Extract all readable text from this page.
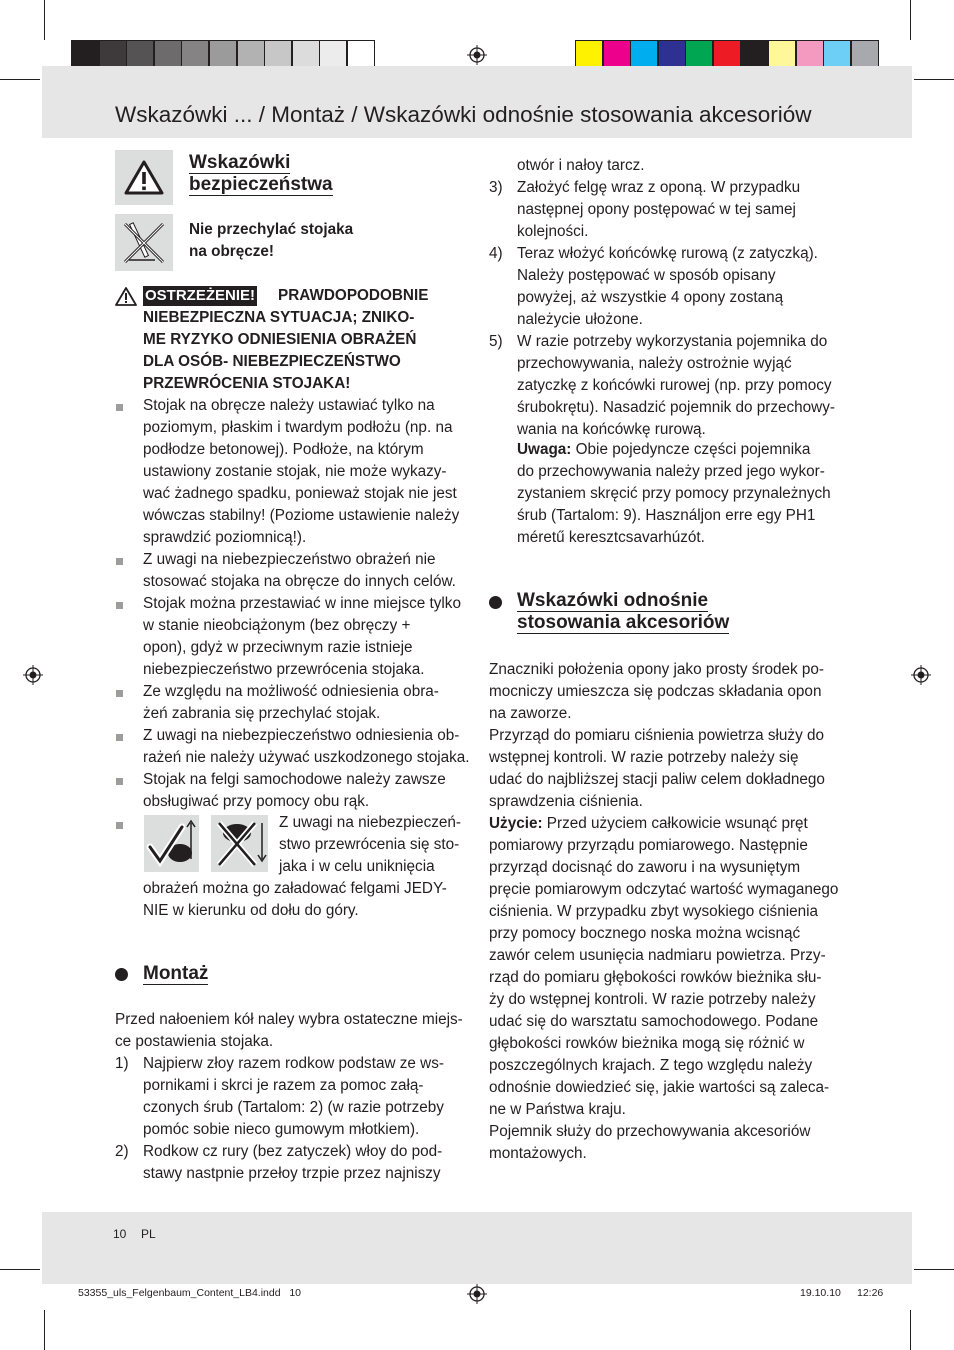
Wskazówki ... / Montaż / Wskazówki odnośnie stosowania akcesoriów
10 PL
53355_uls_Felgenbaum_Content_LB4.indd   10	19.10.10 12:26
Wskazówki
bezpieczeństwa
Nie przechylać stojaka
na obręcze!
OSTRZEŻENIE! PRAWDOPODOBNIE
NIEBEZPIECZNA SYTUACJA; ZNIKO-
ME RYZYKO ODNIESIENIA OBRAŻEŃ
DLA OSÓB- NIEBEZPIECZEŃSTWO
PRZEWRÓCENIA STOJAKA!
Stojak na obręcze należy ustawiać tylko na
poziomym, płaskim i twardym podłożu (np. na
podłodze betonowej). Podłoże, na którym
ustawiony zostanie stojak, nie może wykazy-
wać żadnego spadku, ponieważ stojak nie jest
wówczas stabilny! (Poziome ustawienie należy
sprawdzić poziomnicą!).
Z uwagi na niebezpieczeństwo obrażeń nie
stosować stojaka na obręcze do innych celów.
Stojak można przestawiać w inne miejsce tylko
w stanie nieobciążonym (bez obręczy +
opon), gdyż w przeciwnym razie istnieje
niebezpieczeństwo przewrócenia stojaka.
Ze względu na możliwość odniesienia obra-
żeń zabrania się przechylać stojak.
Z uwagi na niebezpieczeństwo odniesienia ob-
rażeń nie należy używać uszkodzonego stojaka.
Stojak na felgi samochodowe należy zawsze
obsługiwać przy pomocy obu rąk.
Z uwagi na niebezpieczeń-
stwo przewrócenia się sto-
jaka i w celu uniknięcia
obrażeń można go załadować felgami JEDY-
NIE w kierunku od dołu do góry.
Montaż
Przed nałoeniem kół naley wybra ostateczne miejs-
ce postawienia stojaka.
1) Najpierw złoy razem rodkow podstaw ze ws-
pornikami i skrci je razem za pomoc załą-
czonych śrub (Tartalom: 2) (w razie potrzeby
pomóc sobie nieco gumowym młotkiem).
2) Rodkow cz rury (bez zatyczek) włoy do pod-
stawy nastpnie przełoy trzpie przez najniszy
otwór i nałoy tarcz.
3) Założyć felgę wraz z oponą. W przypadku
następnej opony postępować w tej samej
kolejności.
4) Teraz włożyć końcówkę rurową (z zatyczką).
Należy postępować w sposób opisany
powyżej, aż wszystkie 4 opony zostaną
należycie ułożone.
5) W razie potrzeby wykorzystania pojemnika do
przechowywania, należy ostrożnie wyjąć
zatyczkę z końcówki rurowej (np. przy pomocy
śrubokrętu). Nasadzić pojemnik do przechowy-
wania na końcówkę rurową.
Uwaga: Obie pojedyncze części pojemnika
do przechowywania należy przed jego wykor-
zystaniem skręcić przy pomocy przynależnych
śrub (Tartalom: 9). Használjon erre egy PH1
méretű keresztcsavarhúzót.
Wskazówki odnośnie
stosowania akcesoriów
Znaczniki położenia opony jako prosty środek po-
mocniczy umieszcza się podczas składania opon
na zaworze.
Przyrząd do pomiaru ciśnienia powietrza służy do
wstępnej kontroli. W razie potrzeby należy się
udać do najbliższej stacji paliw celem dokładnego
sprawdzenia ciśnienia.
Użycie: Przed użyciem całkowicie wsunąć pręt
pomiarowy przyrządu pomiarowego. Następnie
przyrząd docisnąć do zaworu i na wysuniętym
pręcie pomiarowym odczytać wartość wymaganego
ciśnienia. W przypadku zbyt wysokiego ciśnienia
przy pomocy bocznego noska można wcisnąć
zawór celem usunięcia nadmiaru powietrza. Przy-
rząd do pomiaru głębokości rowków bieżnika słu-
ży do wstępnej kontroli. W razie potrzeby należy
udać się do warsztatu samochodowego. Podane
głębokości rowków bieżnika mogą się różnić w
poszczególnych krajach. Z tego względu należy
odnośnie dowiedzieć się, jakie wartości są zaleca-
ne w Państwa kraju.
Pojemnik służy do przechowywania akcesoriów
montażowych.
